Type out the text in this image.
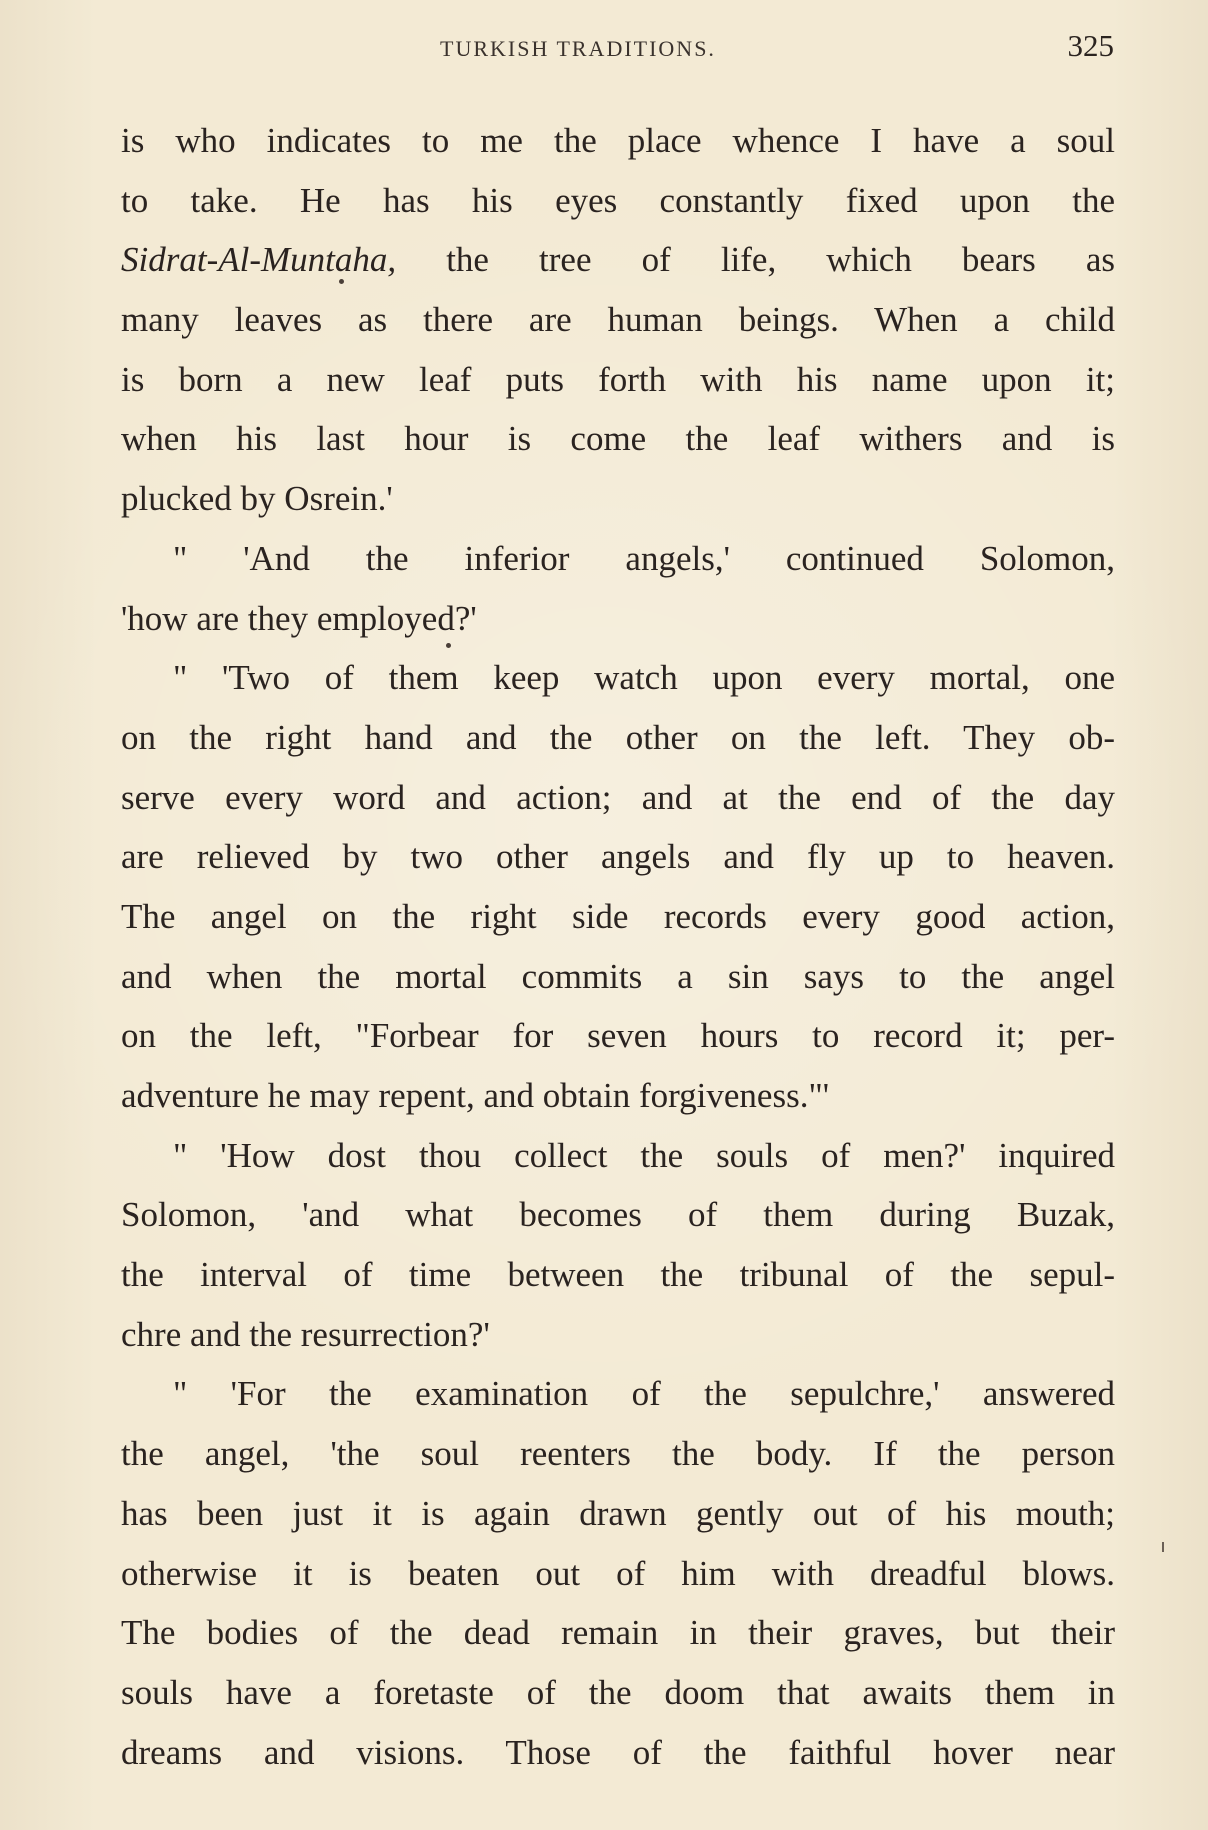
TURKISH TRADITIONS.	325
is who indicates to me the place whence I have a soul
to take. He has his eyes constantly fixed upon the
Sidrat-Al-Muntaha, the tree of life, which bears as
many leaves as there are human beings. When a child
is born a new leaf puts forth with his name upon it;
when his last hour is come the leaf withers and is
plucked by Osrein.'
" 'And the inferior angels,' continued Solomon,
'how are they employed?'
" 'Two of them keep watch upon every mortal, one
on the right hand and the other on the left. They ob-
serve every word and action; and at the end of the day
are relieved by two other angels and fly up to heaven.
The angel on the right side records every good action,
and when the mortal commits a sin says to the angel
on the left, "Forbear for seven hours to record it; per-
adventure he may repent, and obtain forgiveness."'
" 'How dost thou collect the souls of men?' inquired
Solomon, 'and what becomes of them during Buzak,
the interval of time between the tribunal of the sepul-
chre and the resurrection?'
" 'For the examination of the sepulchre,' answered
the angel, 'the soul reenters the body. If the person
has been just it is again drawn gently out of his mouth;
otherwise it is beaten out of him with dreadful blows.
The bodies of the dead remain in their graves, but their
souls have a foretaste of the doom that awaits them in
dreams and visions. Those of the faithful hover near
